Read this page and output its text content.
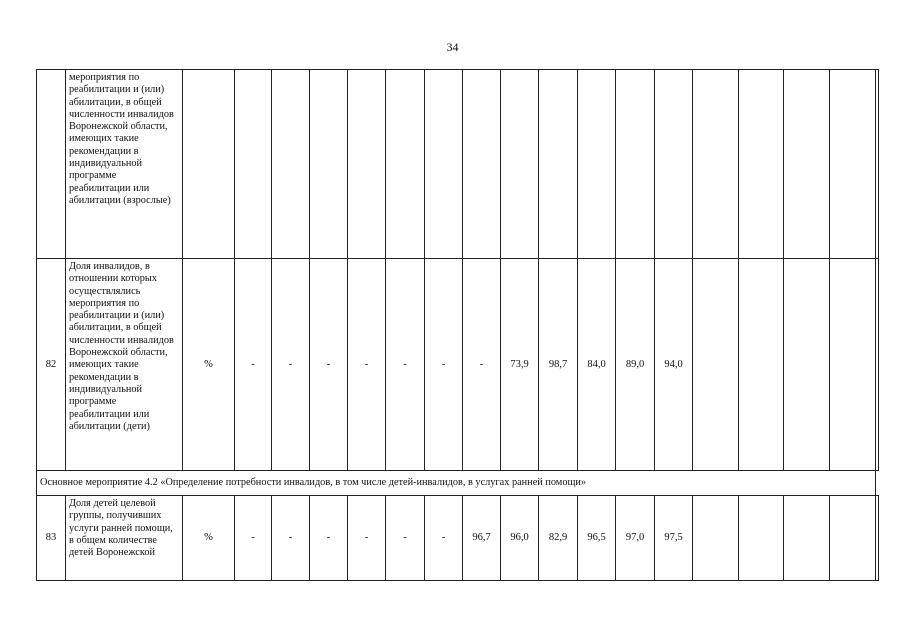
34
	мероприятия по реабилитации и (или) абилитации, в общей численности инвалидов Воронежской области, имеющих такие рекомендации в индивидуальной программе реабилитации или абилитации (взрослые)																		
82	Доля инвалидов, в отношении которых осуществлялись мероприятия по реабилитации и (или) абилитации, в общей численности инвалидов Воронежской области, имеющих такие рекомендации в индивидуальной программе реабилитации или абилитации (дети)	%	-	-	-	-	-	-	-	73,9	98,7	84,0	89,0	94,0					
Основное мероприятие 4.2 «Определение потребности инвалидов, в том числе детей-инвалидов, в услугах ранней помощи»																			
83	Доля детей целевой группы, получивших услуги ранней помощи, в общем количестве детей Воронежской	%	-	-	-	-	-	-	96,7	96,0	82,9	96,5	97,0	97,5					
